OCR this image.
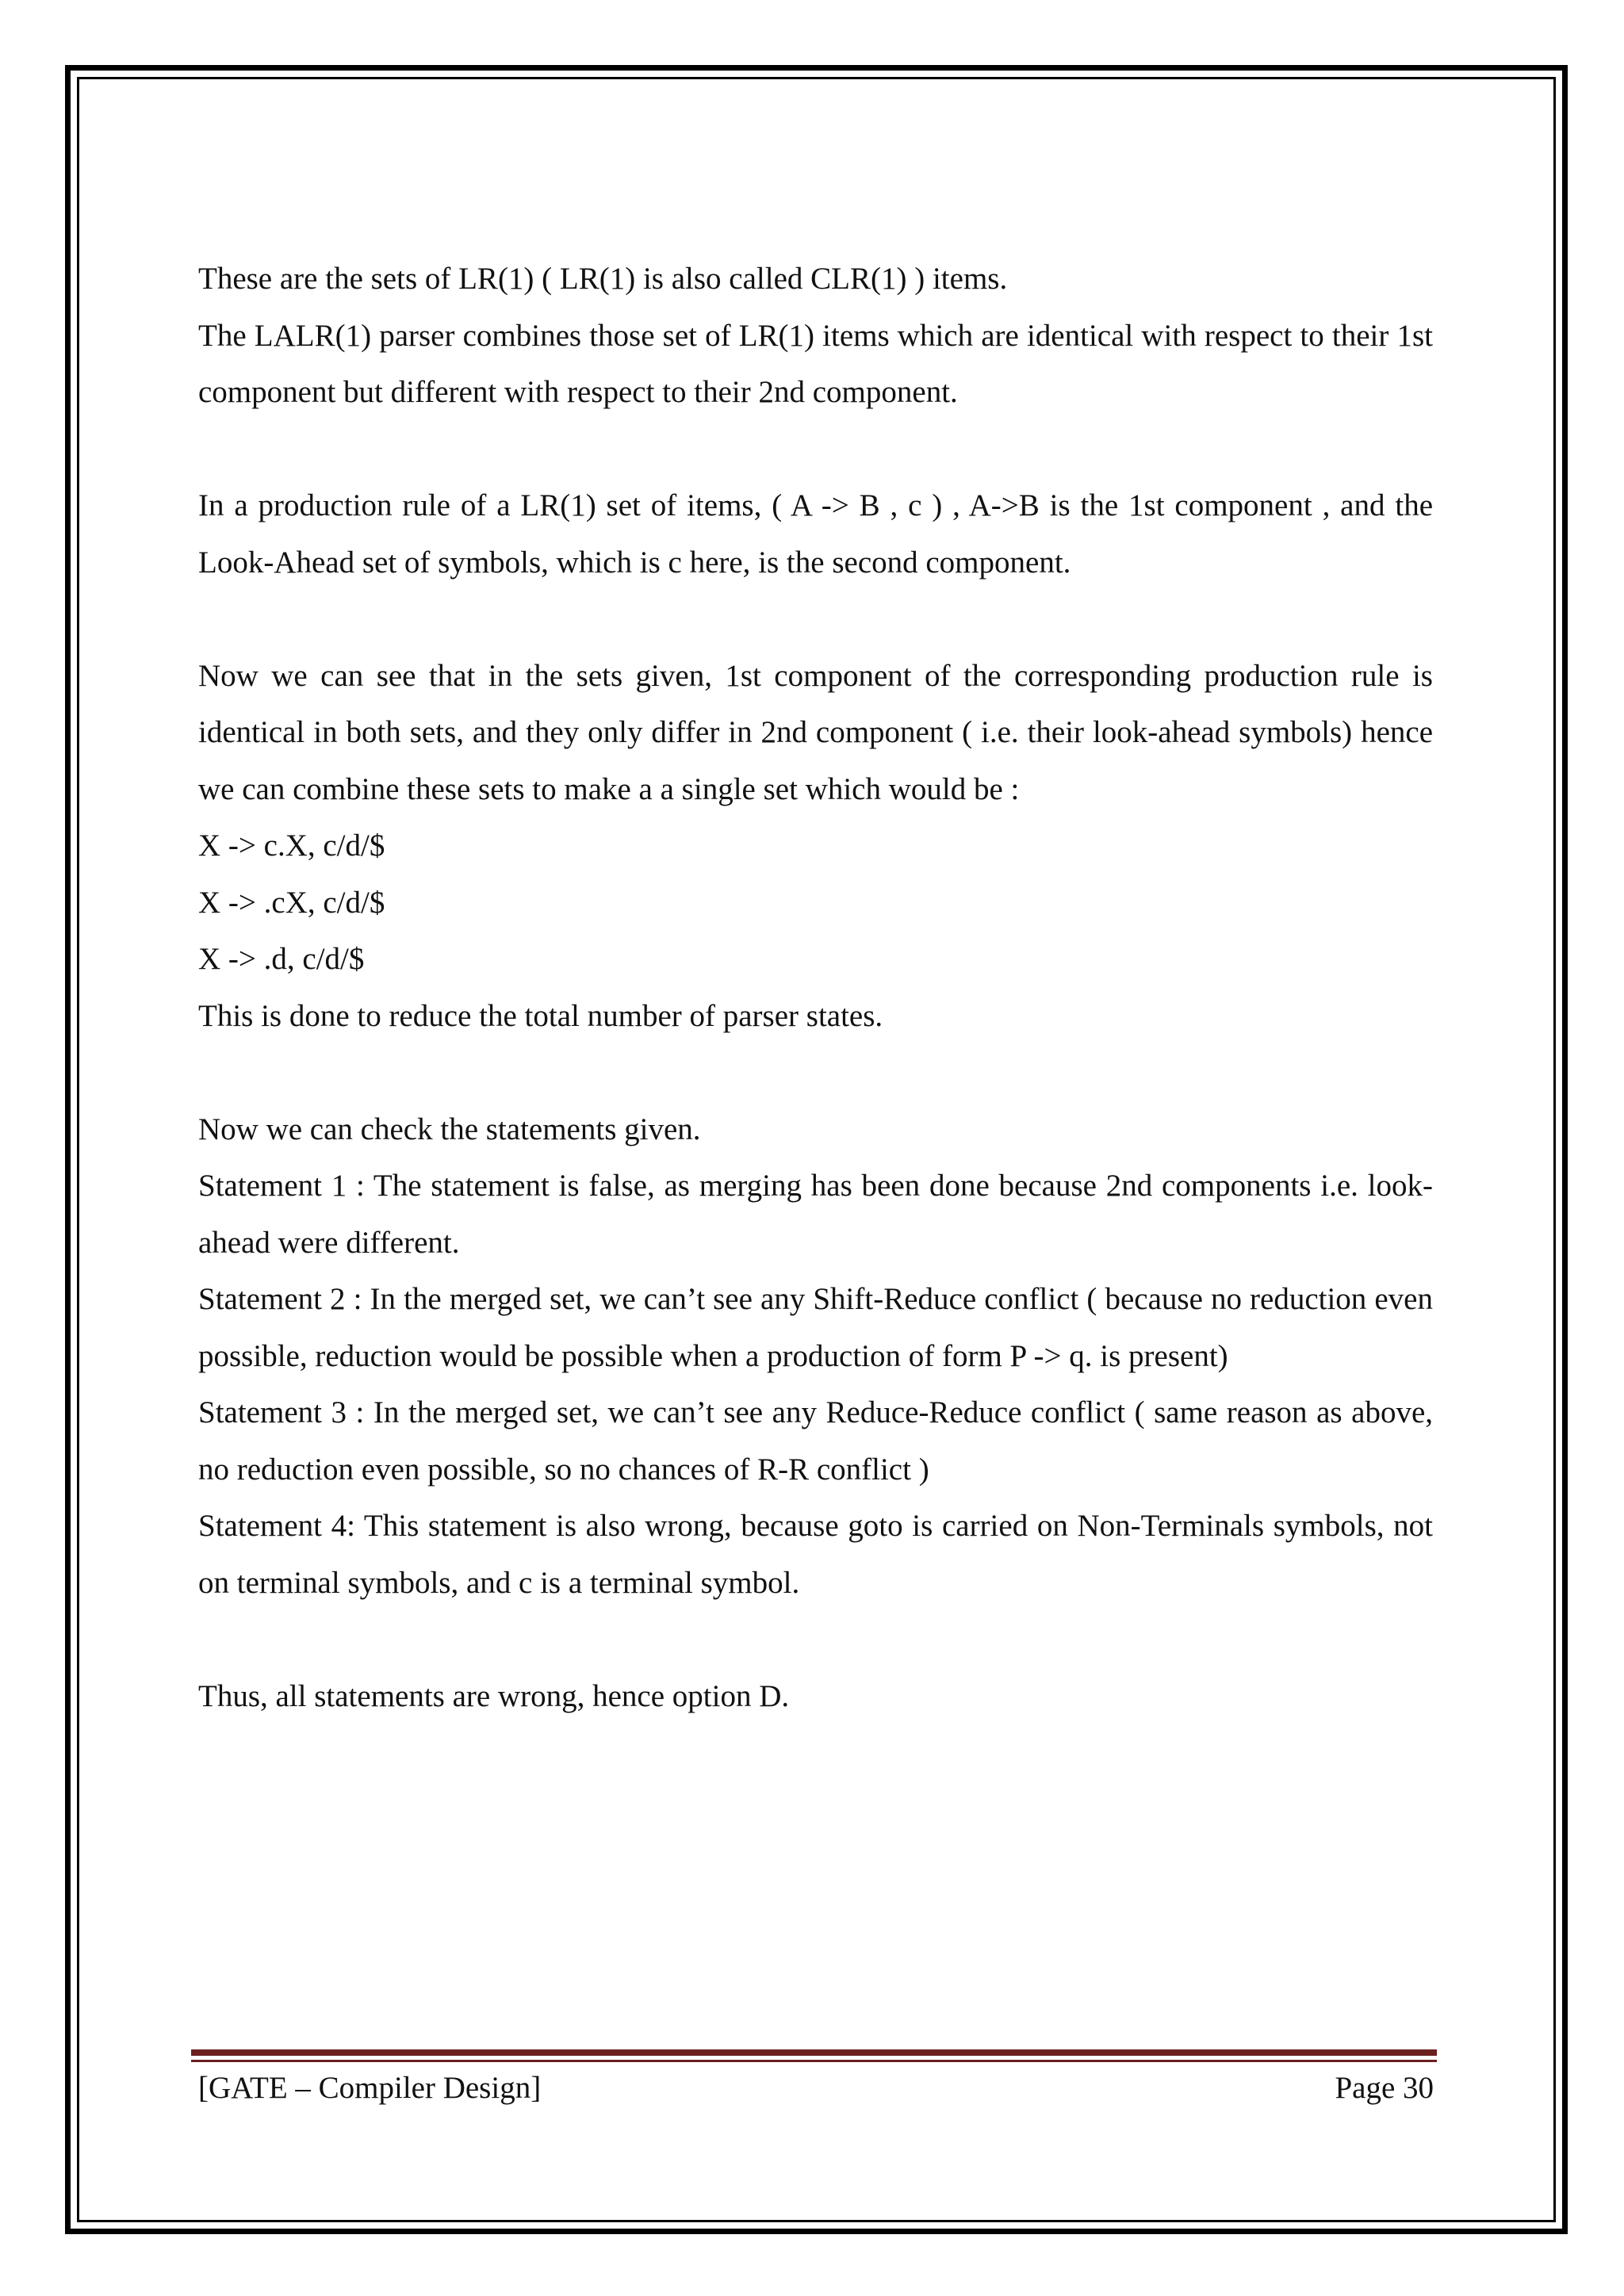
These are the sets of LR(1) ( LR(1) is also called CLR(1) ) items.

The LALR(1) parser combines those set of LR(1) items which are identical with respect to their 1st component but different with respect to their 2nd component.

In a production rule of a LR(1) set of items, ( A -> B , c ) , A->B is the 1st component , and the Look-Ahead set of symbols, which is c here, is the second component.

Now we can see that in the sets given, 1st component of the corresponding production rule is identical in both sets, and they only differ in 2nd component ( i.e. their look-ahead symbols) hence we can combine these sets to make a a single set which would be :

X -> c.X, c/d/$

X -> .cX, c/d/$

X -> .d, c/d/$

This is done to reduce the total number of parser states.

Now we can check the statements given.

Statement 1 : The statement is false, as merging has been done because 2nd components i.e. look-ahead were different.

Statement 2 : In the merged set, we can’t see any Shift-Reduce conflict ( because no reduction even possible, reduction would be possible when a production of form P -> q. is present)

Statement 3 : In the merged set, we can’t see any Reduce-Reduce conflict ( same reason as above, no reduction even possible, so no chances of R-R conflict )

Statement 4: This statement is also wrong, because goto is carried on Non-Terminals symbols, not on terminal symbols, and c is a terminal symbol.

Thus, all statements are wrong, hence option D.

[GATE – Compiler Design]	Page 30
